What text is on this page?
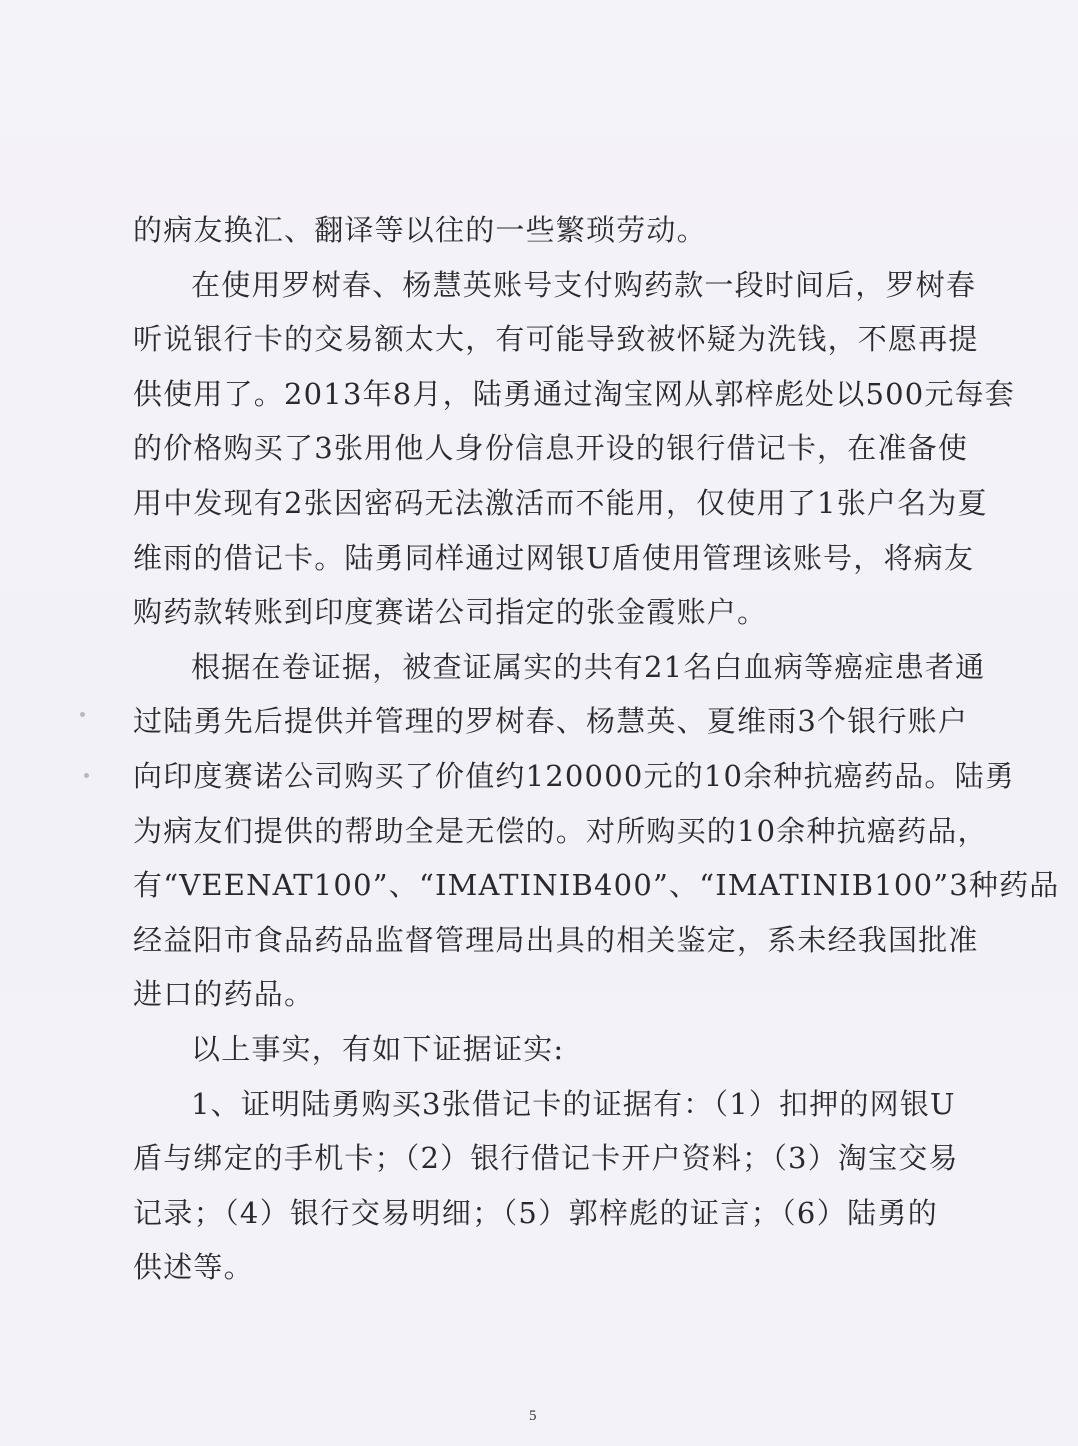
的病友换汇、翻译等以往的一些繁琐劳动。
在使用罗树春、杨慧英账号支付购药款一段时间后，罗树春
听说银行卡的交易额太大，有可能导致被怀疑为洗钱，不愿再提
供使用了。2013年8月，陆勇通过淘宝网从郭梓彪处以500元每套
的价格购买了3张用他人身份信息开设的银行借记卡，在准备使
用中发现有2张因密码无法激活而不能用，仅使用了1张户名为夏
维雨的借记卡。陆勇同样通过网银U盾使用管理该账号，将病友
购药款转账到印度赛诺公司指定的张金霞账户。
根据在卷证据，被查证属实的共有21名白血病等癌症患者通
过陆勇先后提供并管理的罗树春、杨慧英、夏维雨3个银行账户
向印度赛诺公司购买了价值约120000元的10余种抗癌药品。陆勇
为病友们提供的帮助全是无偿的。对所购买的10余种抗癌药品，
有“VEENAT100”、“IMATINIB400”、“IMATINIB100”3种药品
经益阳市食品药品监督管理局出具的相关鉴定，系未经我国批准
进口的药品。
以上事实，有如下证据证实:
1、证明陆勇购买3张借记卡的证据有：（1）扣押的网银U
盾与绑定的手机卡；（2）银行借记卡开户资料；（3）淘宝交易
记录；（4）银行交易明细；（5）郭梓彪的证言；（6）陆勇的
供述等。
5
